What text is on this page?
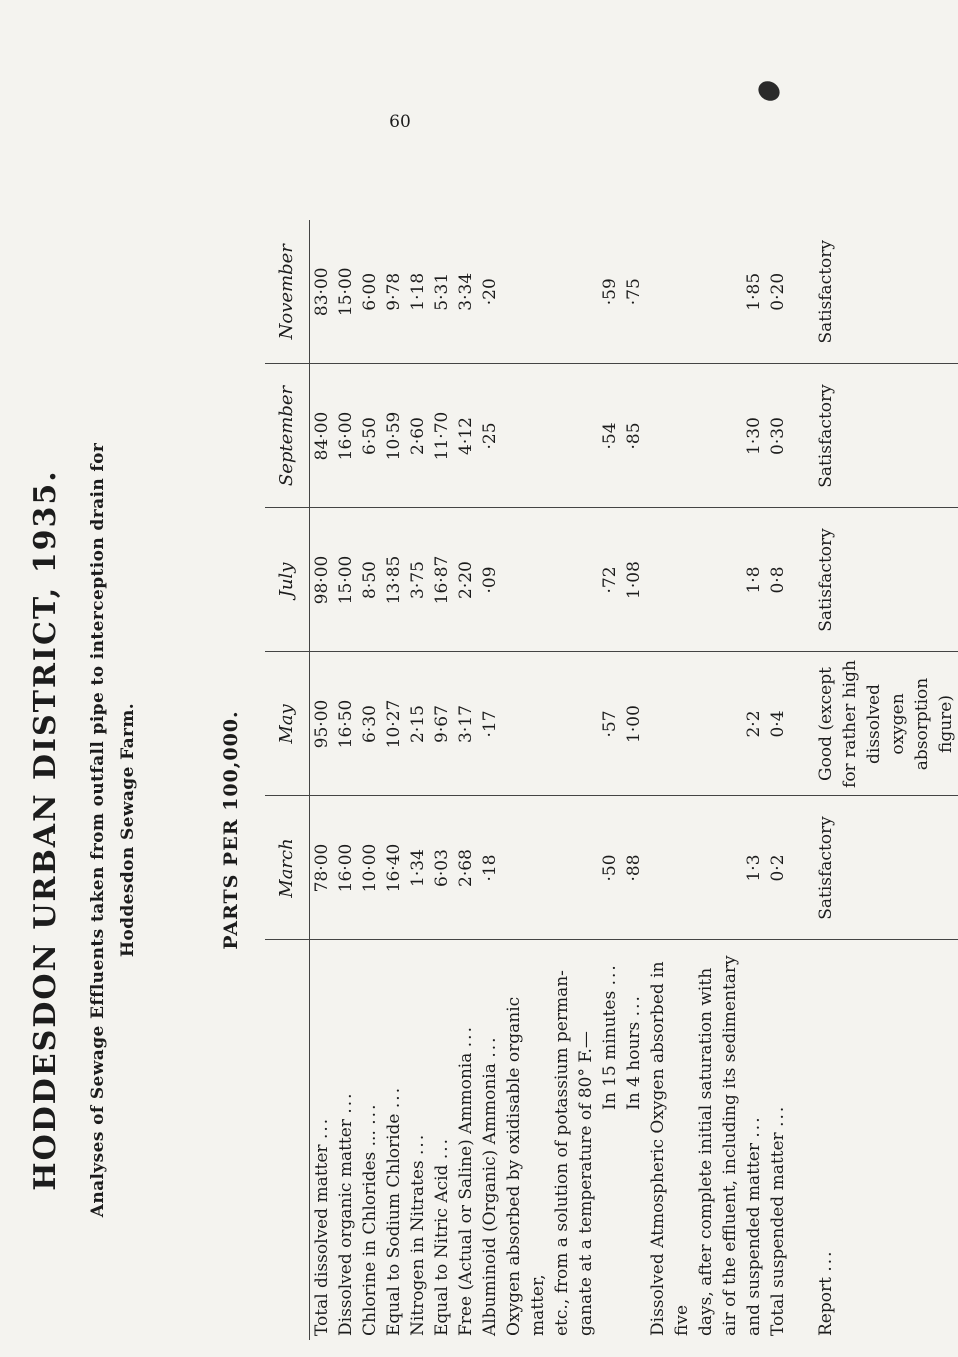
60
HODDESDON URBAN DISTRICT, 1935. Analyses of Sewage Effluents taken from outfall pipe to interception drain for Hoddesdon Sewage Farm.	PARTS PER 100,000.
	March	May	July	September	November
Total dissolved matter ...	78·00	95·00	98·00	84·00	83·00
Dissolved organic matter ...	16·00	16·50	15·00	16·00	15·00
Chlorine in Chlorides ... ...	10·00	6·30	8·50	6·50	6·00
Equal to Sodium Chloride ...	16·40	10·27	13·85	10·59	9·78
Nitrogen in Nitrates ...	1·34	2·15	3·75	2·60	1·18
Equal to Nitric Acid ...	6·03	9·67	16·87	11·70	5·31
Free (Actual or Saline) Ammonia ...	2·68	3·17	2·20	4·12	3·34
Albuminoid (Organic) Ammonia ...	·18	·17	·09	·25	·20
Oxygen absorbed by oxidisable organic matter,					
etc., from a solution of potassium perman-					
ganate at a temperature of 80° F.—					
In 15 minutes ...	·50	·57	·72	·54	·59
In 4 hours ...	·88	1·00	1·08	·85	·75
Dissolved Atmospheric Oxygen absorbed in five					
days, after complete initial saturation with					
air of the effluent, including its sedimentary					
and suspended matter ...	1·3	2·2	1·8	1·30	1·85
Total suspended matter ...	0·2	0·4	0·8	0·30	0·20

Report ...	Satisfactory	Good (except for rather high dissolved oxygen absorption figure)	Satisfactory	Satisfactory	Satisfactory
